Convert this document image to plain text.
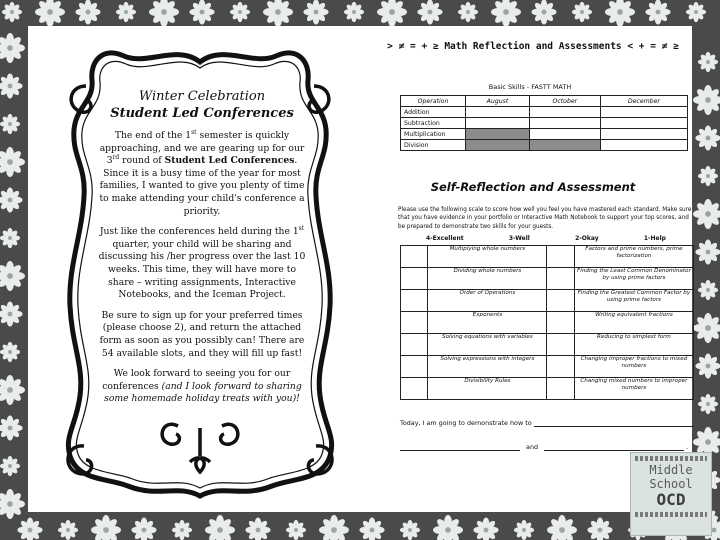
Winter Celebration
Student Led Conferences

The end of the 1st semester is quickly approaching, and we are gearing up for our 3rd round of Student Led Conferences. Since it is a busy time of the year for most families, I wanted to give you plenty of time to make attending your child's conference a priority.

Just like the conferences held during the 1st quarter, your child will be sharing and discussing his /her progress over the last 10 weeks. This time, they will have more to share – writing assignments, Interactive Notebooks, and the Iceman Project.

Be sure to sign up for your preferred times (please choose 2), and return the attached form as soon as you possibly can! There are 54 available slots, and they will fill up fast!

We look forward to seeing you for our conferences (and I look forward to sharing some homemade holiday treats with you)!

> ≠ = + ≥ Math Reflection and Assessments < + = ≠ ≥
Basic Skills - FASTT MATH
Operation	August	October	December
Addition			
Subtraction			
Multiplication			
Division			
Self-Reflection and Assessment
Please use the following scale to score how well you feel you have mastered each standard. Make sure that you have evidence in your portfolio or Interactive Math Notebook to support your top scores, and be prepared to demonstrate two skills for your guests.
4-Excellent	3-Well	2-Okay	1-Help
	Multiplying whole numbers		Factors and prime numbers, prime factorization
	Dividing whole numbers		Finding the Least Common Denominator by using prime factors
	Order of Operations		Finding the Greatest Common Factor by using prime factors
	Exponents		Writing equivalent fractions
	Solving equations with variables		Reducing to simplest form
	Solving expressions with integers		Changing improper fractions to mixed numbers
	Divisibility Rules		Changing mixed numbers to improper numbers
Today, I am going to demonstrate how to
and	.
Middle
School
OCD
